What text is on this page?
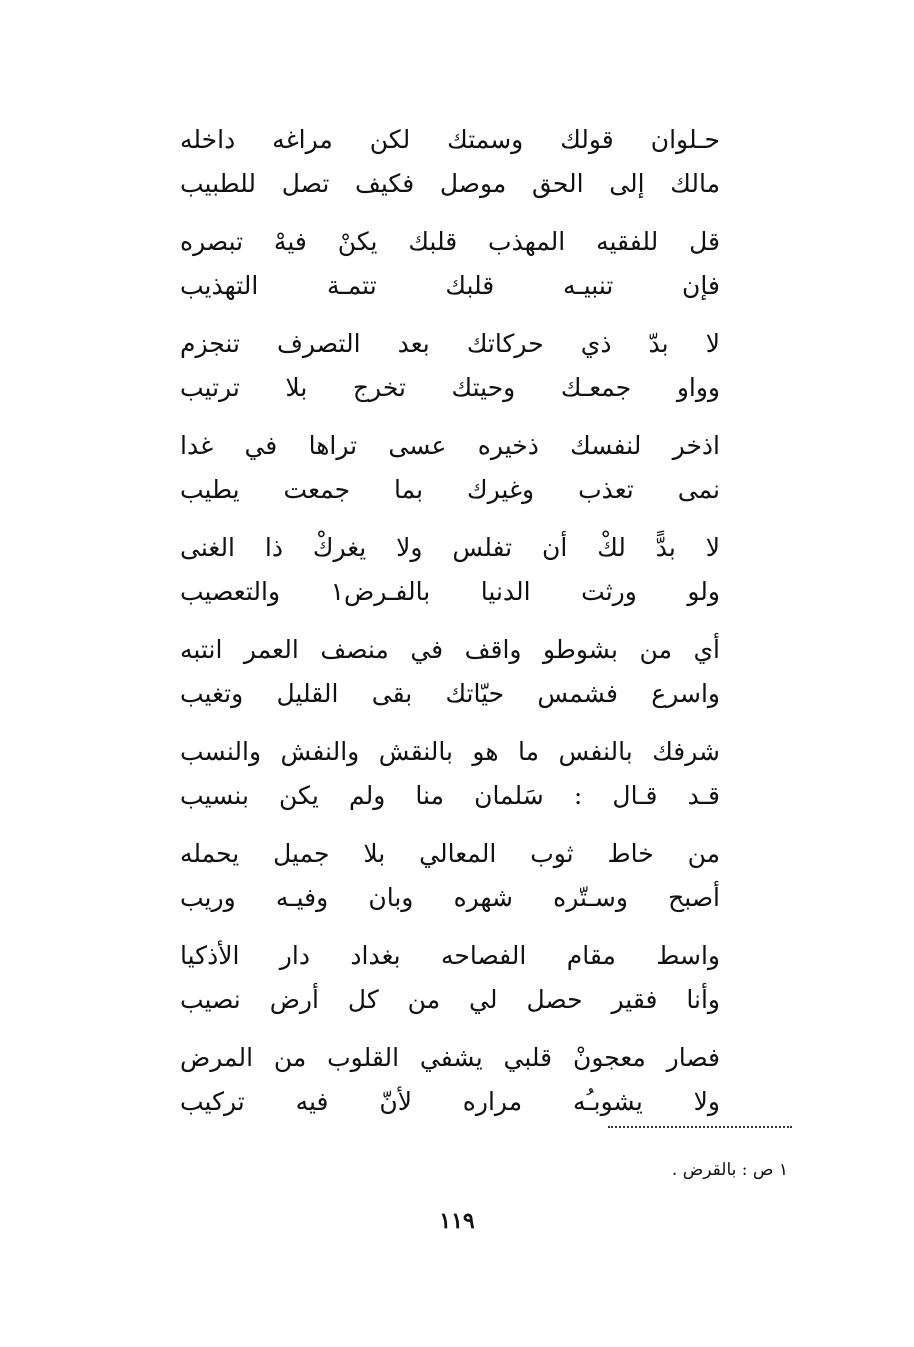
حـلوان قولك وسمتك لكن مراغه داخله
مالك إلى الحق موصل فكيف تصل للطبيب
قل للفقيه المهذب قلبك يكنْ فيهْ تبصره
فإن تنبيـه قلبك تتمـة التهذيب
لا بدّ ذي حركاتك بعد التصرف تنجزم
وواو جمعـك وحيتك تخرج بلا ترتيب
اذخر لنفسك ذخيره عسى تراها في غدا
نمى تعذب وغيرك بما جمعت يطيب
لا بدًّ لكْ أن تفلس ولا يغركْ ذا الغنى
ولو ورثت الدنيا بالفـرض١ والتعصيب
أي من بشوطو واقف في منصف العمر انتبه
واسرع فشمس حيّاتك بقى القليل وتغيب
شرفك بالنفس ما هو بالنقش والنفش والنسب
قـد قـال : سَلمان منا ولم يكن بنسيب
من خاط ثوب المعالي بلا جميل يحمله
أصبح وسـتّره شهره وبان وفيـه وريب
واسط مقام الفصاحه بغداد دار الأذكيا
وأنا فقير حصل لي من كل أرض نصيب
فصار معجونْ قلبي يشفي القلوب من المرض
ولا يشوبـُه مراره لأنّ فيه تركيب
١ ص : بالقرض .
١١٩
